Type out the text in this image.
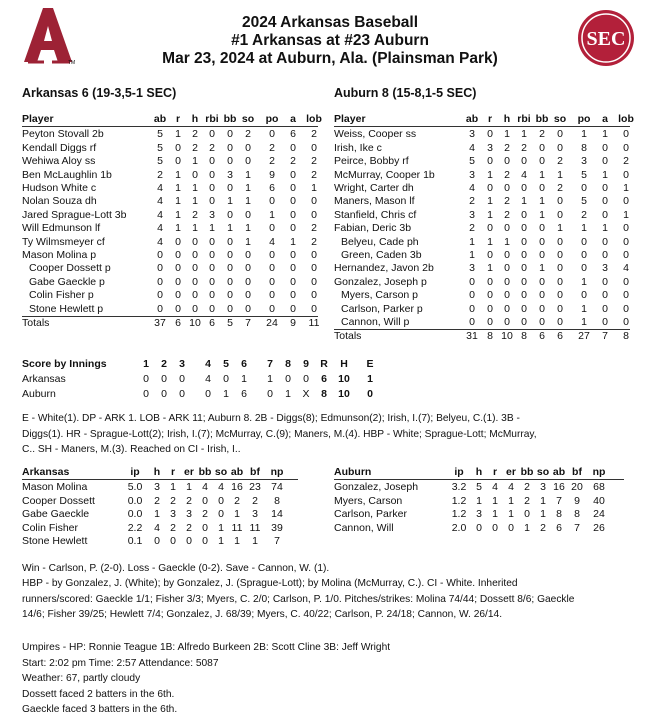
TM
2024 Arkansas Baseball
#1 Arkansas at #23 Auburn
Mar 23, 2024 at Auburn, Ala. (Plainsman Park)
SEC
Arkansas 6 (19-3,5-1 SEC)	Auburn 8 (15-8,1-5 SEC)
Player	ab r	h rbi bb so po	a lob
Peyton Stovall 2b	5	1	2	0	0	2	0	6	2
Kendall Diggs rf	5	0	2	2	0	0	2	0	0
Wehiwa Aloy ss	5	0	1	0	0	0	2	2	2
Ben McLaughlin 1b	2	1	0	0	3	1	9	0	2
Hudson White c	4	1	1	0	0	1	6	0	1
Nolan Souza dh	4	1	1	0	1	1	0	0	0
Jared Sprague-Lott 3b	4	1	2	3	0	0	1	0	0
Will Edmunson lf	4	1	1	1	1	1	0	0	2
Ty Wilmsmeyer cf	4	0	0	0	0	1	4	1	2
Mason Molina p	0	0	0	0	0	0	0	0	0
Cooper Dossett p	0	0	0	0	0	0	0	0	0
Gabe Gaeckle p	0	0	0	0	0	0	0	0	0
Colin Fisher p	0	0	0	0	0	0	0	0	0
Stone Hewlett p	0	0	0	0	0	0	0	0	0
Totals	37 6 10 6	5	7	24	9	11
Player	ab r	h rbi bb so po	a lob
Weiss, Cooper ss	3	0	1	1	2	0	1	1	0
Irish, Ike c	4	3	2	2	0	0	8	0	0
Peirce, Bobby rf	5	0	0	0	0	2	3	0	2
McMurray, Cooper 1b	3	1	2	4	1	1	5	1	0
Wright, Carter dh	4	0	0	0	0	2	0	0	1
Maners, Mason lf	2	1	2	1	1	0	5	0	0
Stanfield, Chris cf	3	1	2	0	1	0	2	0	1
Fabian, Deric 3b	2	0	0	0	0	1	1	1	0
Belyeu, Cade ph	1	1	1	0	0	0	0	0	0
Green, Caden 3b	1	0	0	0	0	0	0	0	0
Hernandez, Javon 2b	3	1	0	0	1	0	0	3	4
Gonzalez, Joseph p	0	0	0	0	0	0	1	0	0
Myers, Carson p	0	0	0	0	0	0	0	0	0
Carlson, Parker p	0	0	0	0	0	0	1	0	0
Cannon, Will p	0	0	0	0	0	0	1	0	0
Totals	31 8 10 8	6	6	27	7	8
Score by Innings	1	2	3	4	5	6	7	8	9	R	H	E
Arkansas	0	0	0	4	0	1	1	0	0	6	10	1
Auburn	0	0	0	0	1	6	0	1	X	8	10	0
E - White(1). DP - ARK 1. LOB - ARK 11; Auburn 8. 2B - Diggs(8); Edmunson(2); Irish, I.(7); Belyeu, C.(1). 3B - Diggs(1). HR - Sprague-Lott(2); Irish, I.(7); McMurray, C.(9); Maners, M.(4). HBP - White; Sprague-Lott; McMurray, C.. SH - Maners, M.(3). Reached on CI - Irish, I..
Arkansas	ip	h	r er bb so ab bf	np
Mason Molina	5.0	3 1 1 4 4 16 23 74
Cooper Dossett	0.0	2 2 2 0 0 2	2	8
Gabe Gaeckle	0.0	1 3 3 2 0 1	3	14
Colin Fisher	2.2	4 2 2 0 1 11 11	39
Stone Hewlett	0.1	0 0 0 0 1 1	1	7
Auburn	ip	h	r er bb so ab bf	np
Gonzalez, Joseph	3.2 5 4 4 2 3 16 20 68
Myers, Carson	1.2 1 1 1 2 1 7	9	40
Carlson, Parker	1.2 3 1 1 0 1 8	8	24
Cannon, Will	2.0 0 0 0 1 2 6	7	26
Win - Carlson, P. (2-0). Loss - Gaeckle (0-2). Save - Cannon, W. (1).
HBP - by Gonzalez, J. (White); by Gonzalez, J. (Sprague-Lott); by Molina (McMurray, C.). CI - White. Inherited runners/scored: Gaeckle 1/1; Fisher 3/3; Myers, C. 2/0; Carlson, P. 1/0. Pitches/strikes: Molina 74/44; Dossett 8/6; Gaeckle 14/6; Fisher 39/25; Hewlett 7/4; Gonzalez, J. 68/39; Myers, C. 40/22; Carlson, P. 24/18; Cannon, W. 26/14.
Umpires - HP: Ronnie Teague 1B: Alfredo Burkeen 2B: Scott Cline 3B: Jeff Wright
Start: 2:02 pm Time: 2:57 Attendance: 5087
Weather: 67, partly cloudy
Dossett faced 2 batters in the 6th.
Gaeckle faced 3 batters in the 6th.
